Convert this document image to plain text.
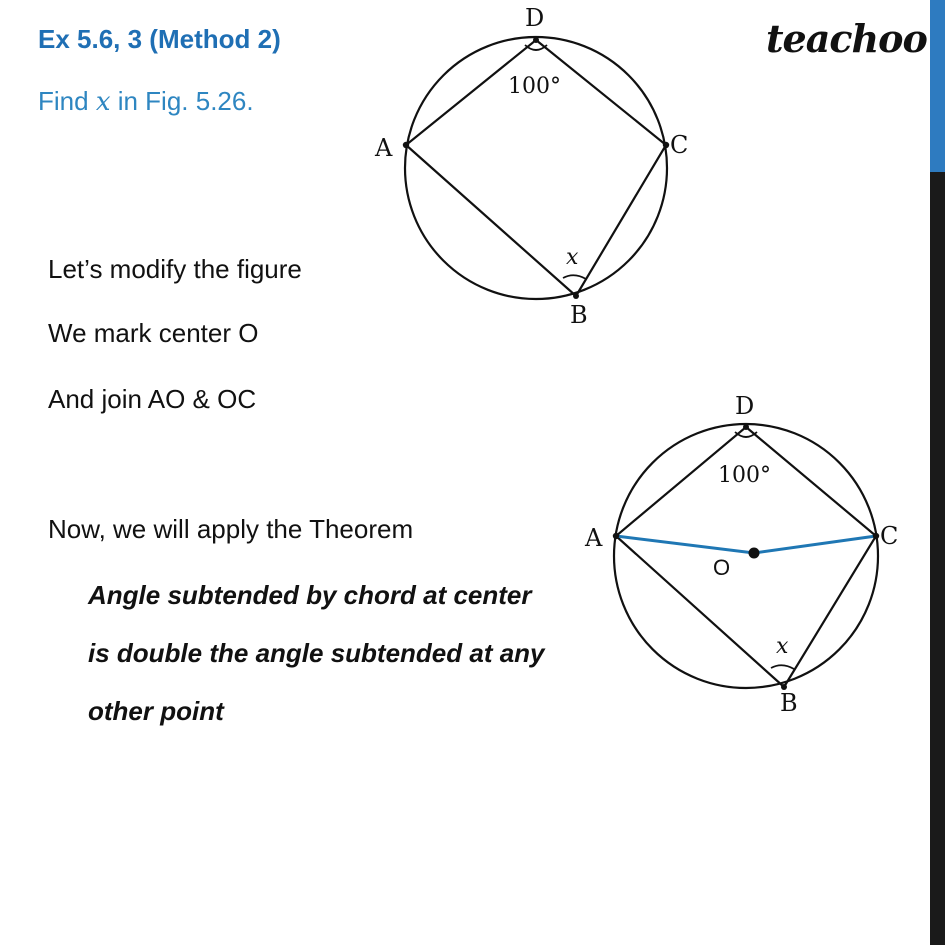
Ex 5.6, 3 (Method 2)
Find x in Fig. 5.26.
teachoo
Let’s modify the figure
We mark center O
And join AO & OC
Now, we will apply the Theorem
Angle subtended by chord at center
is double the angle subtended at any
other point
D
A	C
B
100°
x
D
A	C
B
O
100°
x
